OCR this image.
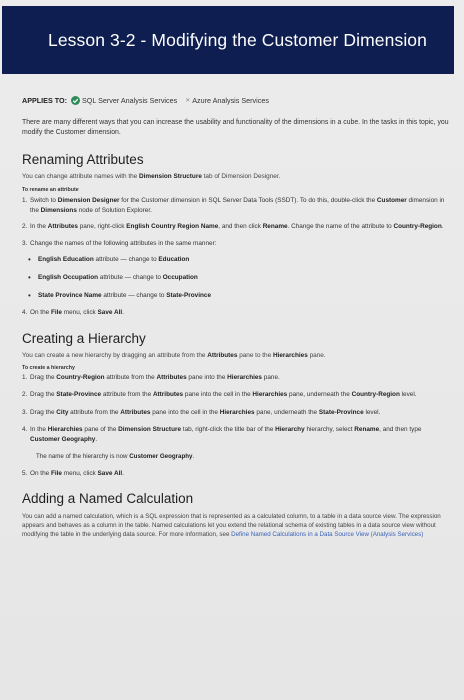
Lesson 3-2 - Modifying the Customer Dimension
APPLIES TO: SQL Server Analysis Services ✕ Azure Analysis Services

There are many different ways that you can increase the usability and functionality of the dimensions in a cube. In the tasks in this topic, you modify the Customer dimension.

Renaming Attributes

You can change attribute names with the Dimension Structure tab of Dimension Designer.

To rename an attribute

1. Switch to Dimension Designer for the Customer dimension in SQL Server Data Tools (SSDT). To do this, double-click the Customer dimension in the Dimensions node of Solution Explorer.
2. In the Attributes pane, right-click English Country Region Name, and then click Rename. Change the name of the attribute to Country-Region.
3. Change the names of the following attributes in the same manner:
• English Education attribute — change to Education
• English Occupation attribute — change to Occupation
• State Province Name attribute — change to State-Province
4. On the File menu, click Save All.
Creating a Hierarchy

You can create a new hierarchy by dragging an attribute from the Attributes pane to the Hierarchies pane.

To create a hierarchy

1. Drag the Country-Region attribute from the Attributes pane into the Hierarchies pane.
2. Drag the State-Province attribute from the Attributes pane into the cell in the Hierarchies pane, underneath the Country-Region level.
3. Drag the City attribute from the Attributes pane into the cell in the Hierarchies pane, underneath the State-Province level.
4. In the Hierarchies pane of the Dimension Structure tab, right-click the title bar of the Hierarchy hierarchy, select Rename, and then type Customer Geography.

The name of the hierarchy is now Customer Geography.

5. On the File menu, click Save All.
Adding a Named Calculation

You can add a named calculation, which is a SQL expression that is represented as a calculated column, to a table in a data source view. The expression appears and behaves as a column in the table. Named calculations let you extend the relational schema of existing tables in a data source view without modifying the table in the underlying data source. For more information, see Define Named Calculations in a Data Source View (Analysis Services)
